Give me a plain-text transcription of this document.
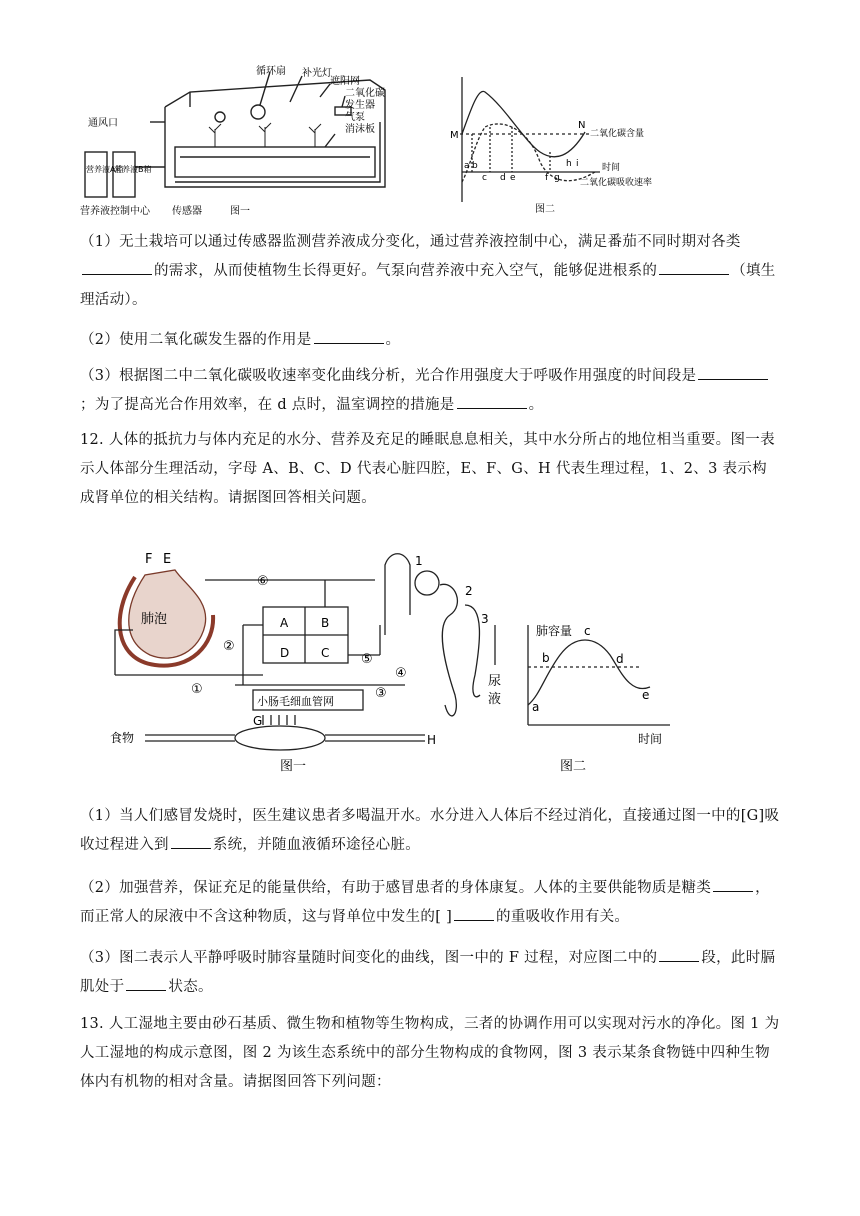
循环扇 补光灯
遮阳网
二氧化碳
发生器
气泵
消沫板
通风口
营养液A箱
营养液B箱
营养液控制中心 传感器	图一
M
N
二氧化碳含量
时间
二氧化碳吸收速率
a b
c d e	f g
h i
图二
（1）无土栽培可以通过传感器监测营养液成分变化，通过营养液控制中心，满足番茄不同时期对各类的需求，从而使植物生长得更好。气泵向营养液中充入空气，能够促进根系的	（填生理活动）。
（2）使用二氧化碳发生器的作用是	。
（3）根据图二中二氧化碳吸收速率变化曲线分析，光合作用强度大于呼吸作用强度的时间段是；为了提高光合作用效率，在 d 点时，温室调控的措施是	。
12. 人体的抵抗力与体内充足的水分、营养及充足的睡眠息息相关，其中水分所占的地位相当重要。图一表示人体部分生理活动，字母 A、B、C、D 代表心脏四腔，E、F、G、H 代表生理过程，1、2、3 表示构成肾单位的相关结构。请据图回答相关问题。
F E
肺泡	A	B
D	C
⑥
②
①
⑤
③
④
小肠毛细血管网
G
食物	H
1
2
3
尿
液
图一
肺容量
a
b
c
d
e
时间
图二
（1）当人们感冒发烧时，医生建议患者多喝温开水。水分进入人体后不经过消化，直接通过图一中的[G]吸收过程进入到	系统，并随血液循环途径心脏。
（2）加强营养，保证充足的能量供给，有助于感冒患者的身体康复。人体的主要供能物质是糖类	，而正常人的尿液中不含这种物质，这与肾单位中发生的[ ]	的重吸收作用有关。
（3）图二表示人平静呼吸时肺容量随时间变化的曲线，图一中的 F 过程，对应图二中的	段，此时膈肌处于	状态。
13. 人工湿地主要由砂石基质、微生物和植物等生物构成，三者的协调作用可以实现对污水的净化。图 1 为人工湿地的构成示意图，图 2 为该生态系统中的部分生物构成的食物网，图 3 表示某条食物链中四种生物体内有机物的相对含量。请据图回答下列问题：
